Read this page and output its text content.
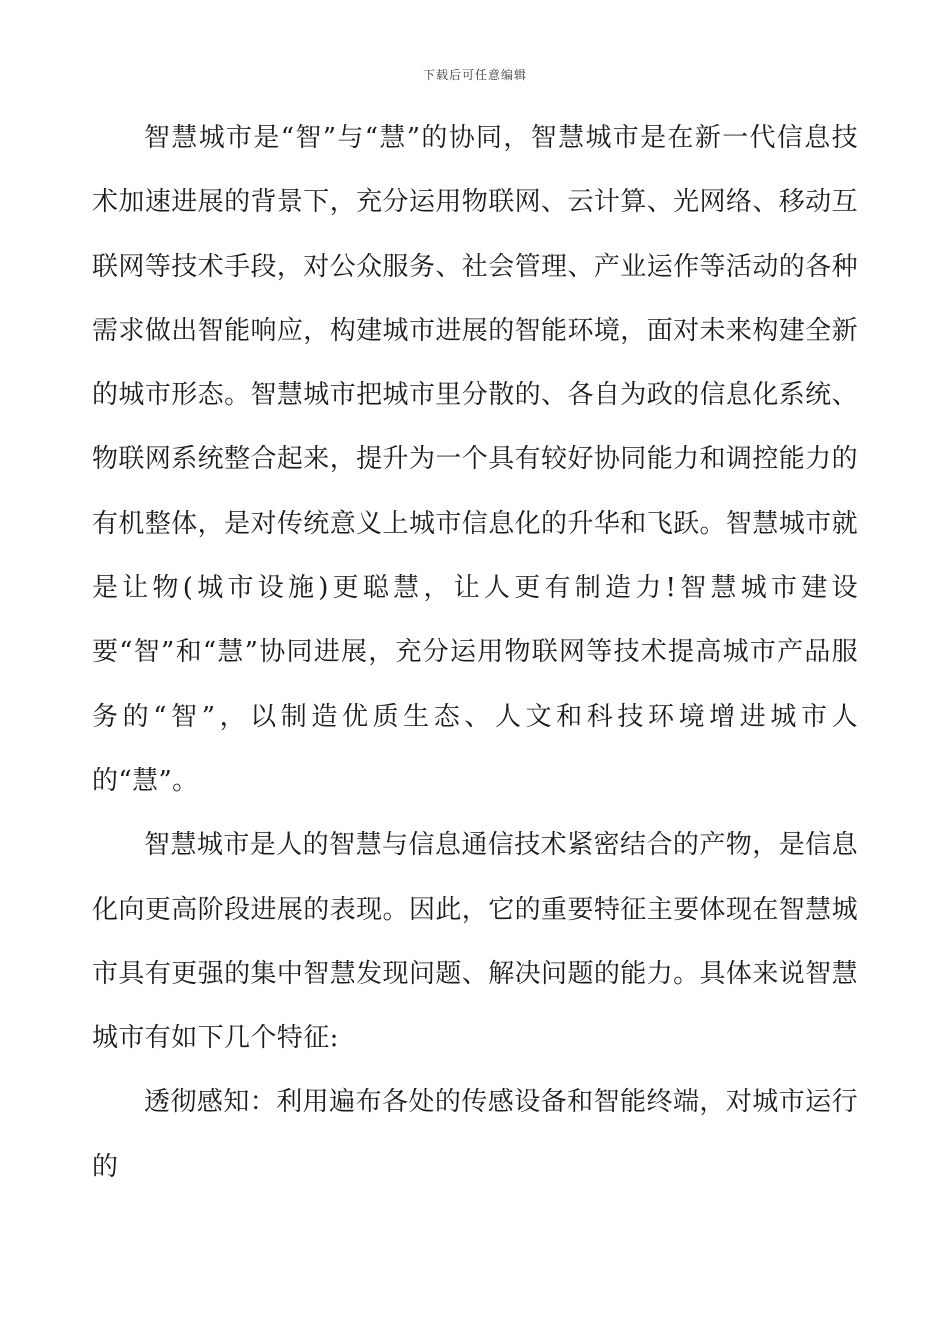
下载后可任意编辑

智慧城市是“智”与“慧”的协同，智慧城市是在新一代信息技术加速进展的背景下，充分运用物联网、云计算、光网络、移动互联网等技术手段，对公众服务、社会管理、产业运作等活动的各种需求做出智能响应，构建城市进展的智能环境，面对未来构建全新的城市形态。智慧城市把城市里分散的、各自为政的信息化系统、物联网系统整合起来，提升为一个具有较好协同能力和调控能力的有机整体，是对传统意义上城市信息化的升华和飞跃。智慧城市就是让物(城市设施)更聪慧，让人更有制造力!智慧城市建设要“智”和“慧”协同进展，充分运用物联网等技术提高城市产品服务的“智”，以制造优质生态、人文和科技环境增进城市人的“慧”。

智慧城市是人的智慧与信息通信技术紧密结合的产物，是信息化向更高阶段进展的表现。因此，它的重要特征主要体现在智慧城市具有更强的集中智慧发现问题、解决问题的能力。具体来说智慧城市有如下几个特征:

透彻感知：利用遍布各处的传感设备和智能终端，对城市运行的
